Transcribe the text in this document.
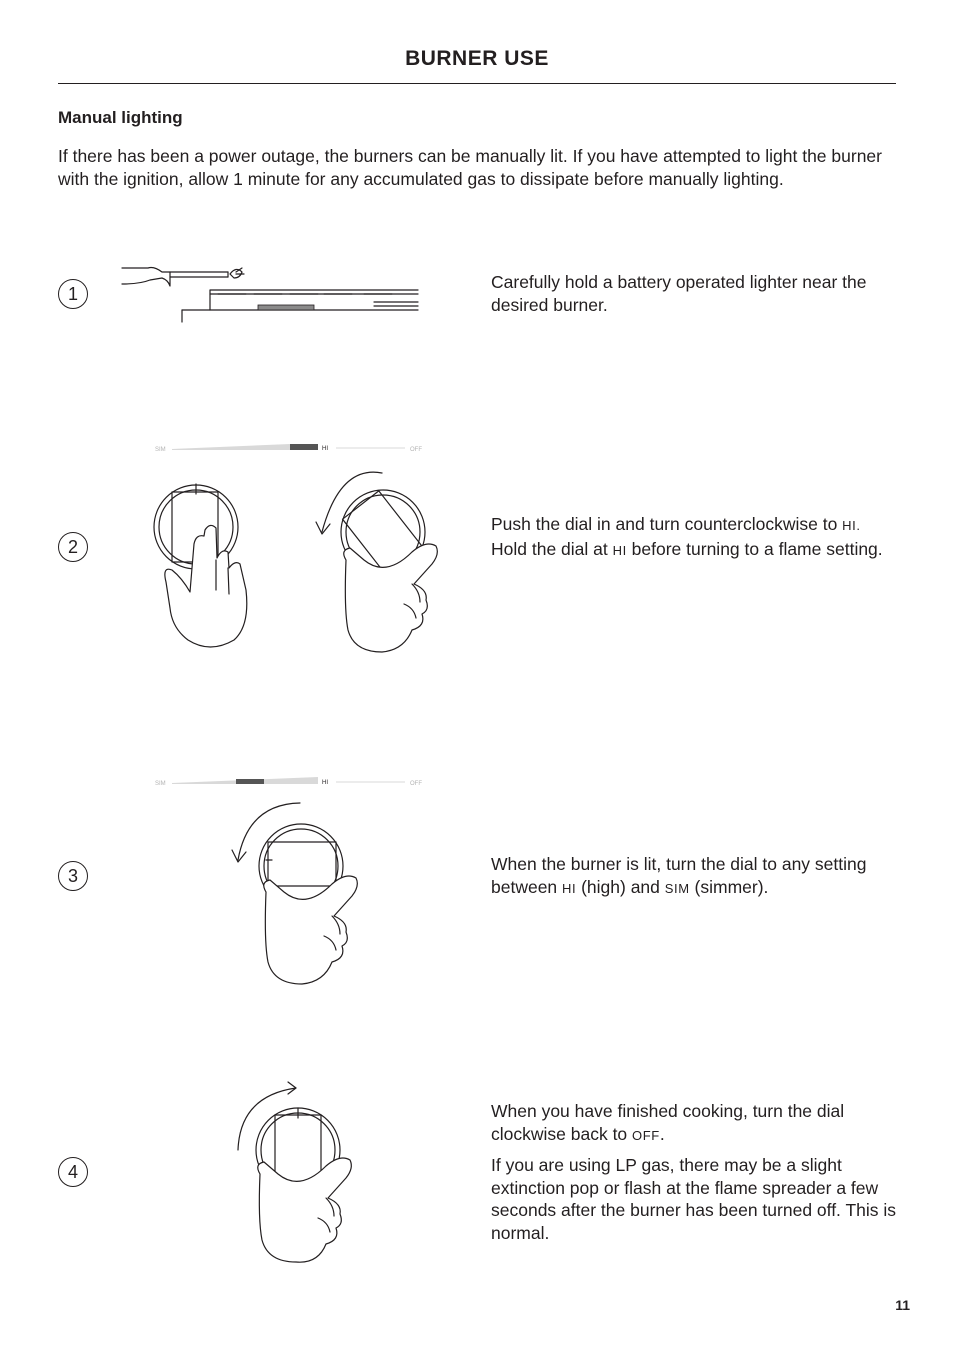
BURNER USE
Manual lighting
If there has been a power outage, the burners can be manually lit. If you have attempted to light the burner with the ignition, allow 1 minute for any accumulated gas to dissipate before manually lighting.
1
Carefully hold a battery operated lighter near the desired burner.
2
SIM	HI	OFF
Push the dial in and turn counterclockwise to HI. Hold the dial at HI before turning to a flame setting.
3
SIM	HI	OFF
When the burner is lit, turn the dial to any setting between HI (high) and SIM (simmer).
4

When you have finished cooking, turn the dial clockwise back to OFF.

If you are using LP gas, there may be a slight extinction pop or flash at the flame spreader a few seconds after the burner has been turned off. This is normal.

11
